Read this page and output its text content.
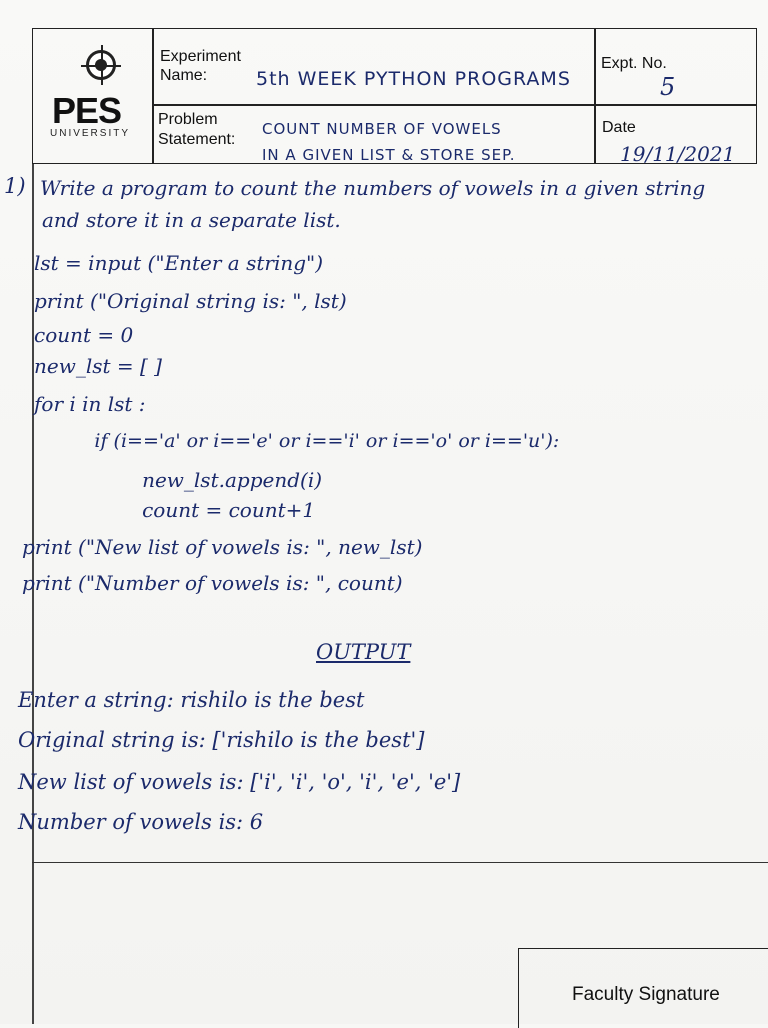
PES
UNIVERSITY
Experiment
Name:	5th WEEK PYTHON PROGRAMS
Expt. No.
5
Problem
Statement:
COUNT NUMBER OF VOWELS
IN A GIVEN LIST & STORE SEP.
Date
19/11/2021
1) Write a program to count the numbers of vowels in a given string
and store it in a separate list.
lst = input ("Enter a string")
print ("Original string is: ", lst)
count = 0
new_lst = [ ]
for i in lst :
if (i=='a' or i=='e' or i=='i' or i=='o' or i=='u'):
new_lst.append(i)
count = count+1
print ("New list of vowels is: ", new_lst)
print ("Number of vowels is: ", count)
OUTPUT
Enter a string: rishilo is the best
Original string is: ['rishilo is the best']
New list of vowels is: ['i', 'i', 'o', 'i', 'e', 'e']
Number of vowels is: 6
Faculty Signature
